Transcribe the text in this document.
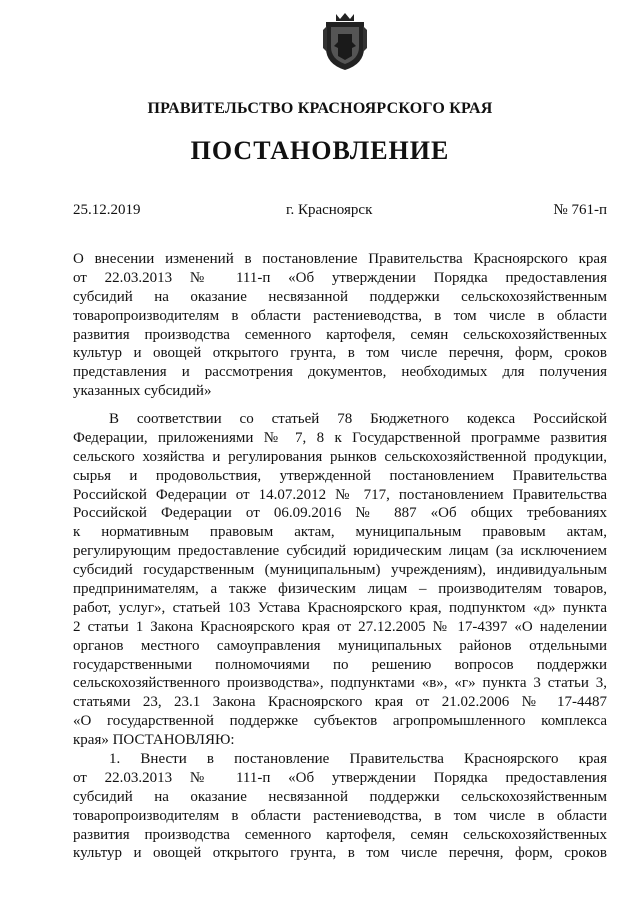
ПРАВИТЕЛЬСТВО КРАСНОЯРСКОГО КРАЯ
ПОСТАНОВЛЕНИЕ
25.12.2019	г. Красноярск	№ 761-п
О внесении изменений в постановление Правительства Красноярского края
от 22.03.2013 № 111-п «Об утверждении Порядка предоставления
субсидий на оказание несвязанной поддержки сельскохозяйственным
товаропроизводителям в области растениеводства, в том числе в области
развития производства семенного картофеля, семян сельскохозяйственных
культур и овощей открытого грунта, в том числе перечня, форм, сроков
представления и рассмотрения документов, необходимых для получения
указанных субсидий»
В соответствии со статьей 78 Бюджетного кодекса Российской
Федерации, приложениями № 7, 8 к Государственной программе развития
сельского хозяйства и регулирования рынков сельскохозяйственной продукции,
сырья и продовольствия, утвержденной постановлением Правительства
Российской Федерации от 14.07.2012 № 717, постановлением Правительства
Российской Федерации от 06.09.2016 № 887 «Об общих требованиях
к нормативным правовым актам, муниципальным правовым актам,
регулирующим предоставление субсидий юридическим лицам (за исключением
субсидий государственным (муниципальным) учреждениям), индивидуальным
предпринимателям, а также физическим лицам – производителям товаров,
работ, услуг», статьей 103 Устава Красноярского края, подпунктом «д» пункта
2 статьи 1 Закона Красноярского края от 27.12.2005 № 17-4397 «О наделении
органов местного самоуправления муниципальных районов отдельными
государственными полномочиями по решению вопросов поддержки
сельскохозяйственного производства», подпунктами «в», «г» пункта 3 статьи 3,
статьями 23, 23.1 Закона Красноярского края от 21.02.2006 № 17-4487
«О государственной поддержке субъектов агропромышленного комплекса
края» ПОСТАНОВЛЯЮ:
1. Внести в постановление Правительства Красноярского края
от 22.03.2013 № 111-п «Об утверждении Порядка предоставления
субсидий на оказание несвязанной поддержки сельскохозяйственным
товаропроизводителям в области растениеводства, в том числе в области
развития производства семенного картофеля, семян сельскохозяйственных
культур и овощей открытого грунта, в том числе перечня, форм, сроков
